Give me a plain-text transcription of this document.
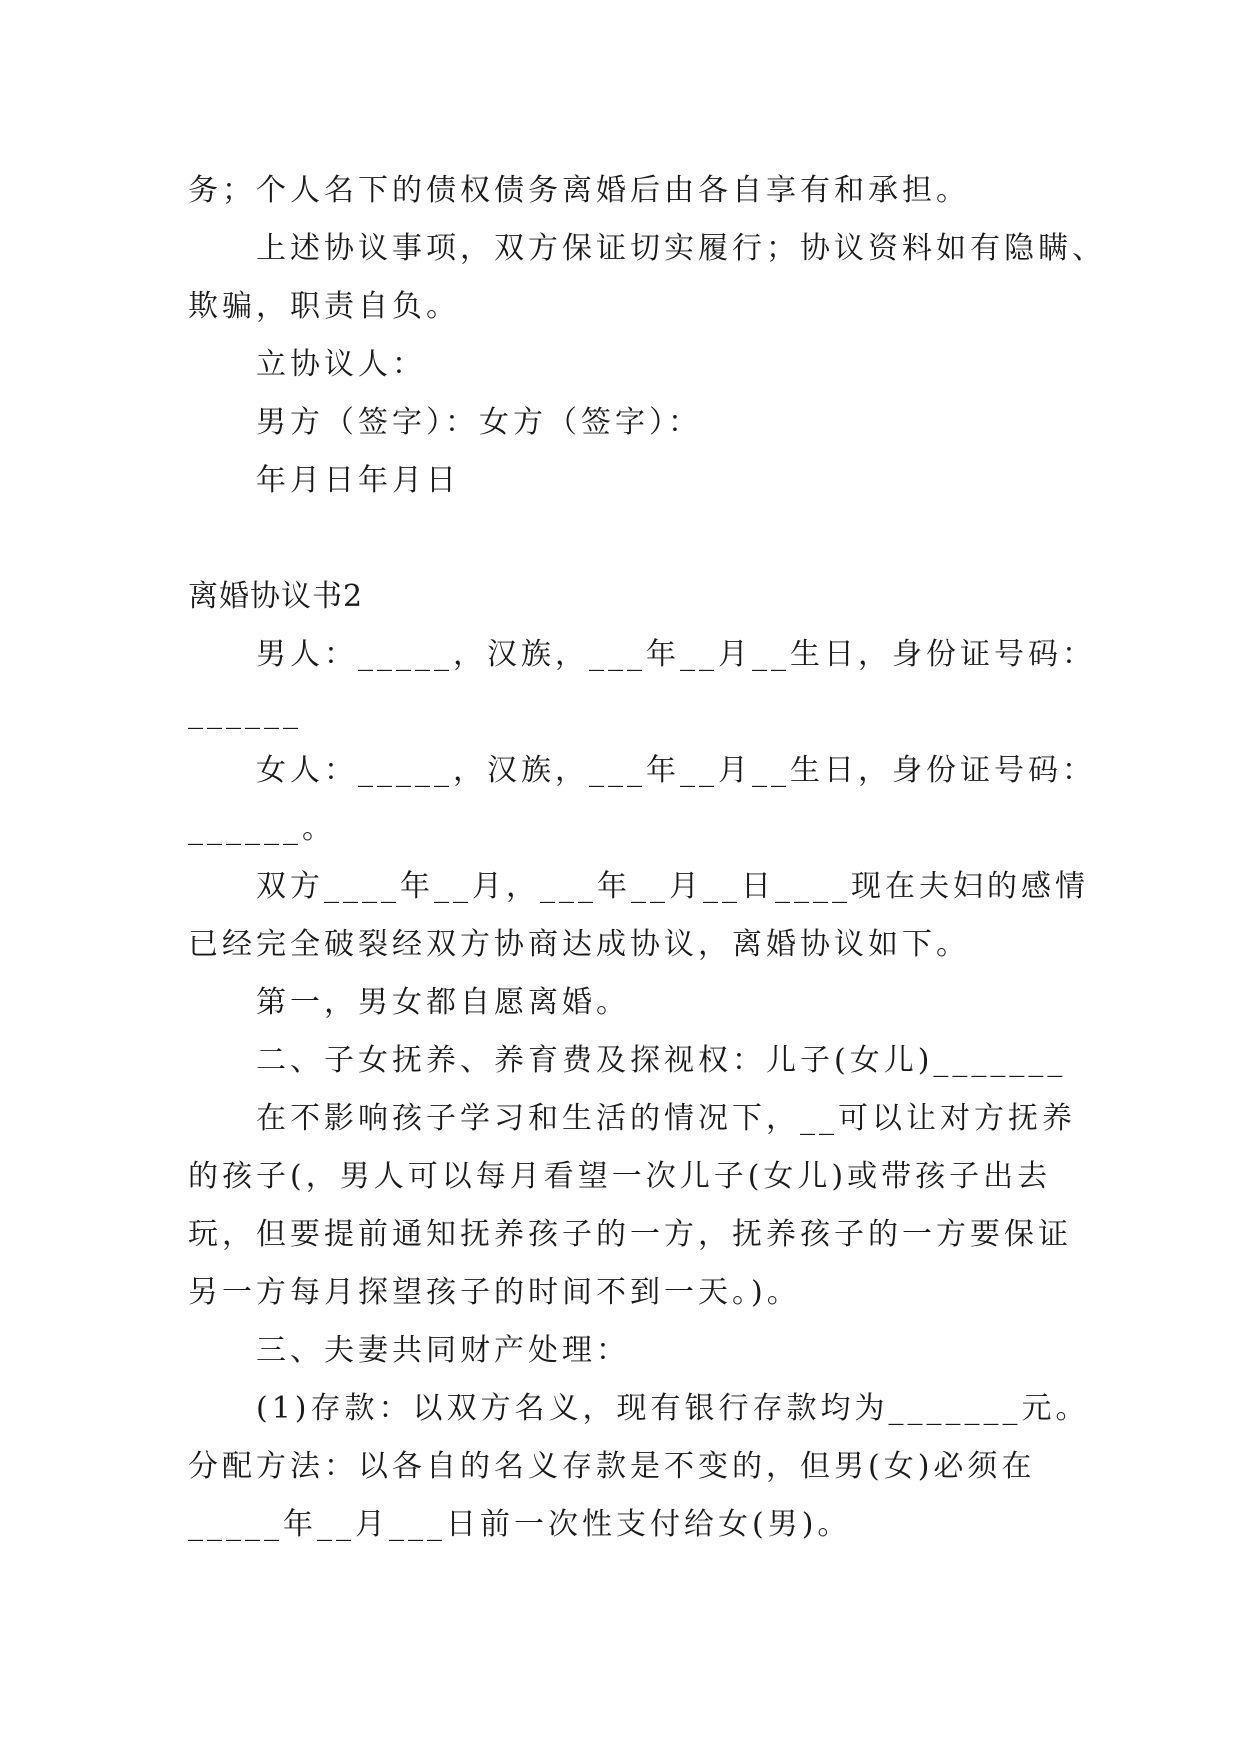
务；个人名下的债权债务离婚后由各自享有和承担。
上述协议事项，双方保证切实履行；协议资料如有隐瞒、
欺骗，职责自负。
立协议人：
男方（签字）：女方（签字）：
年月日年月日
离婚协议书2
男人：_____，汉族，___年__月__生日，身份证号码：
______
女人：_____，汉族，___年__月__生日，身份证号码：
______。
双方____年__月，___年__月__日____现在夫妇的感情
已经完全破裂经双方协商达成协议，离婚协议如下。
第一，男女都自愿离婚。
二、子女抚养、养育费及探视权：儿子(女儿)_______
在不影响孩子学习和生活的情况下，__可以让对方抚养
的孩子(，男人可以每月看望一次儿子(女儿)或带孩子出去
玩，但要提前通知抚养孩子的一方，抚养孩子的一方要保证
另一方每月探望孩子的时间不到一天。)。
三、夫妻共同财产处理：
(1)存款：以双方名义，现有银行存款均为_______元。
分配方法：以各自的名义存款是不变的，但男(女)必须在
_____年__月___日前一次性支付给女(男)。
